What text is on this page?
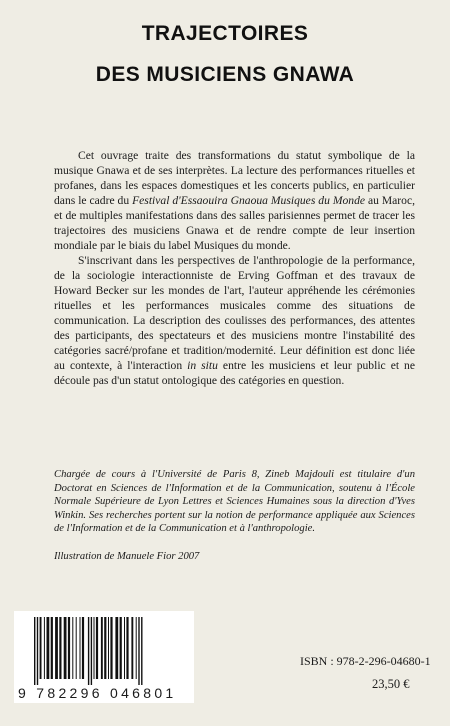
TRAJECTOIRES
DES MUSICIENS GNAWA

Cet ouvrage traite des transformations du statut symbolique de la musique Gnawa et de ses interprètes. La lecture des performances rituelles et profanes, dans les espaces domestiques et les concerts publics, en particulier dans le cadre du Festival d'Essaouira Gnaoua Musiques du Monde au Maroc, et de multiples manifestations dans des salles parisiennes permet de tracer les trajectoires des musiciens Gnawa et de rendre compte de leur insertion mondiale par le biais du label Musiques du monde.

S'inscrivant dans les perspectives de l'anthropologie de la performance, de la sociologie interactionniste de Erving Goffman et des travaux de Howard Becker sur les mondes de l'art, l'auteur appréhende les cérémonies rituelles et les performances musicales comme des situations de communication. La description des coulisses des performances, des attentes des participants, des spectateurs et des musiciens montre l'instabilité des catégories sacré/profane et tradition/modernité. Leur définition est donc liée au contexte, à l'interaction in situ entre les musiciens et leur public et ne découle pas d'un statut ontologique des catégories en question.

Chargée de cours à l'Université de Paris 8, Zineb Majdouli est titulaire d'un Doctorat en Sciences de l'Information et de la Communication, soutenu à l'École Normale Supérieure de Lyon Lettres et Sciences Humaines sous la direction d'Yves Winkin. Ses recherches portent sur la notion de performance appliquée aux Sciences de l'Information et de la Communication et à l'anthropologie.

Illustration de Manuele Fior 2007
9 782296 046801
ISBN : 978-2-296-04680-1
23,50 €
